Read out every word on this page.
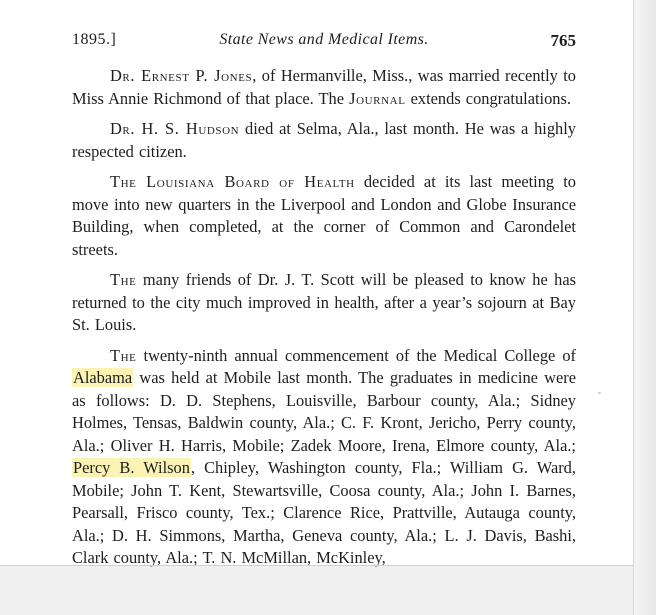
1895.]	State News and Medical Items.	765

Dr. Ernest P. Jones, of Hermanville, Miss., was married recently to Miss Annie Richmond of that place. The Journal extends congratulations.

Dr. H. S. Hudson died at Selma, Ala., last month. He was a highly respected citizen.

The Louisiana Board of Health decided at its last meeting to move into new quarters in the Liverpool and London and Globe Insurance Building, when completed, at the corner of Common and Carondelet streets.

The many friends of Dr. J. T. Scott will be pleased to know he has returned to the city much improved in health, after a year’s sojourn at Bay St. Louis.

The twenty-ninth annual commencement of the Medical College of Alabama was held at Mobile last month. The graduates in medicine were as follows: D. D. Stephens, Louisville, Barbour county, Ala.; Sidney Holmes, Tensas, Baldwin county, Ala.; C. F. Kront, Jericho, Perry county, Ala.; Oliver H. Harris, Mobile; Zadek Moore, Irena, Elmore county, Ala.; Percy B. Wilson, Chipley, Washington county, Fla.; William G. Ward, Mobile; John T. Kent, Stewartsville, Coosa county, Ala.; John I. Barnes, Pearsall, Frisco county, Tex.; Clarence Rice, Prattville, Autauga county, Ala.; D. H. Simmons, Martha, Geneva county, Ala.; L. J. Davis, Bashi, Clark county, Ala.; T. N. McMillan, McKinley,
